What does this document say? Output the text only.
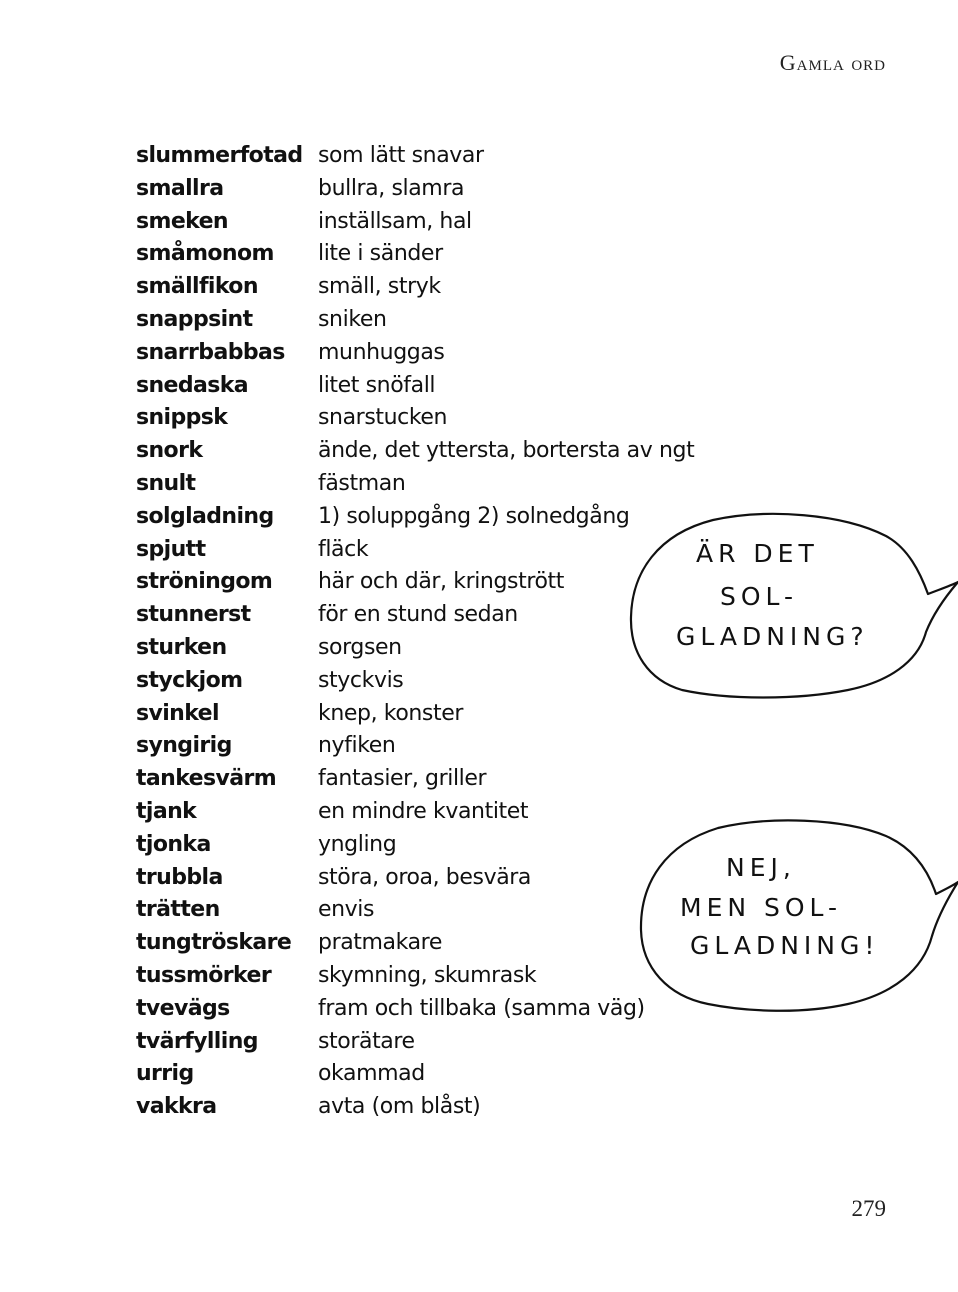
Gamla ord
slummerfotad som lätt snavar
smallra	bullra, slamra
smeken	inställsam, hal
småmonom	lite i sänder
smällfikon	smäll, stryk
snappsint	sniken
snarrbabbas	munhuggas
snedaska	litet snöfall
snippsk	snarstucken
snork	ände, det yttersta, bortersta av ngt
snult	fästman
solgladning	1) soluppgång 2) solnedgång
spjutt	fläck
ströningom	här och där, kringstrött
stunnerst	för en stund sedan
sturken	sorgsen
styckjom	styckvis
svinkel	knep, konster
syngirig	nyfiken
tankesvärm	fantasier, griller
tjank	en mindre kvantitet
tjonka	yngling
trubbla	störa, oroa, besvära
trätten	envis
tungtröskare	pratmakare
tussmörker	skymning, skumrask
tvevägs	fram och tillbaka (samma väg)
tvärfylling	storätare
urrig	okammad
vakkra	avta (om blåst)
ÄR DET
SOL-
GLADNING?
NEJ,
MEN SOL-
GLADNING!
279
